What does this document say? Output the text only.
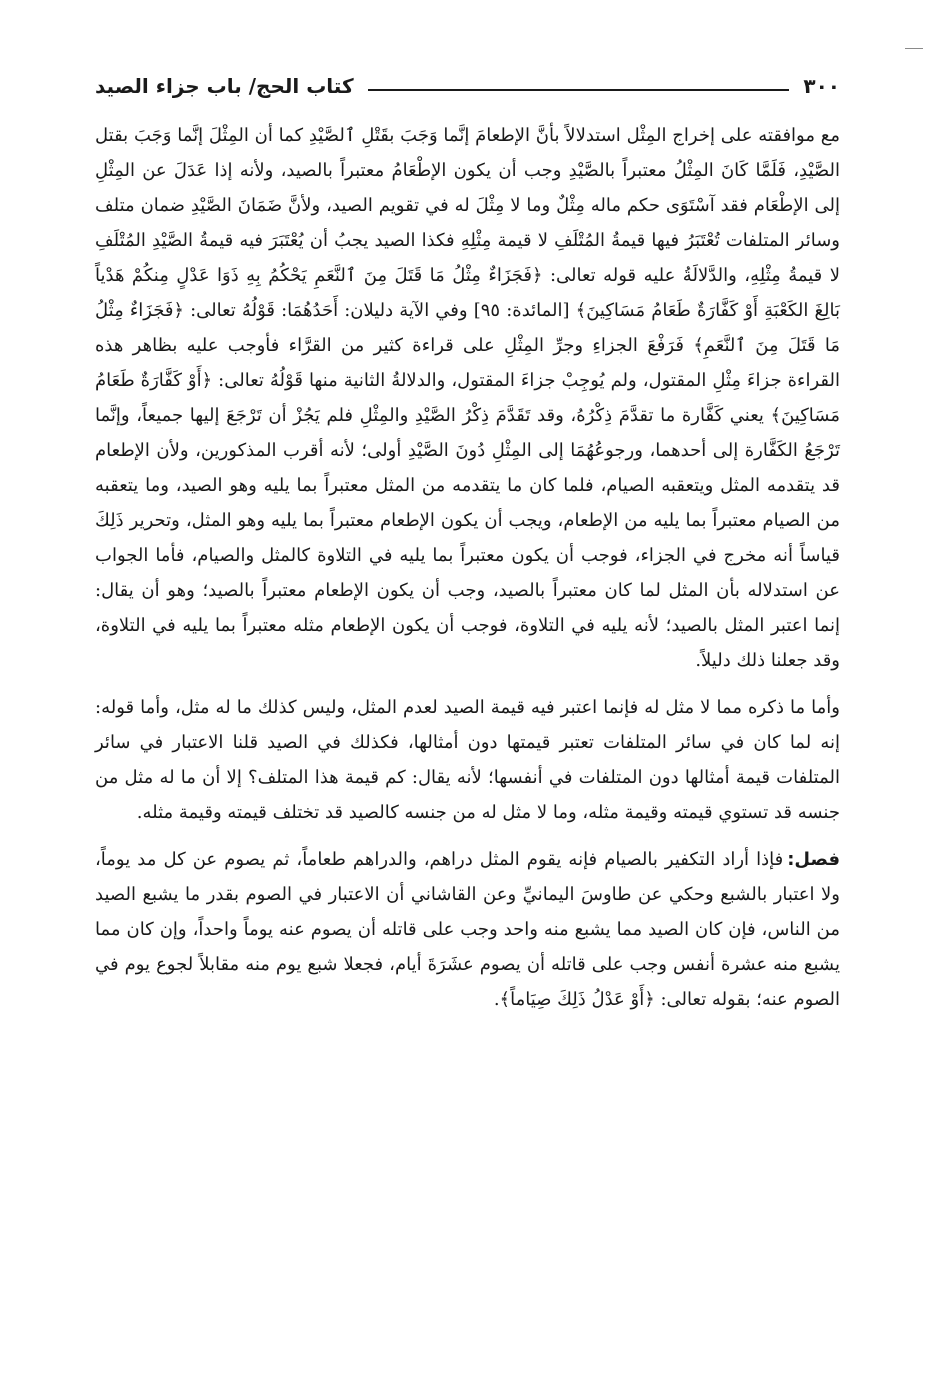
٣٠٠
كتاب الحج/ باب جزاء الصيد

مع موافقته على إخراج المِثْل استدلالاً بأنَّ الإطعامَ إنَّما وَجَبَ بقَتْلِ ٱلصَّيْدِ كما أن المِثْلَ إنَّما وَجَبَ بقتل الصَّيْدِ، فَلَمَّا كَانَ المِثْلُ معتبراً بالصَّيْدِ وجب أن يكون الإطْعَامُ معتبراً بالصيد، ولأنه إذا عَدَلَ عن المِثْلِ إلى الإطْعَام فقد آسْتَوَى حكم ماله مِثْلٌ وما لا مِثْلَ له في تقويم الصيد، ولأنَّ ضَمَانَ الصَّيْدِ ضمان متلف وسائر المتلفات تُعْتَبَرُ فيها قيمةُ المُتْلَفِ لا قيمة مِثْلِهِ فكذا الصيد يجبُ أن يُعْتَبَرَ فيه قيمةُ الصَّيْدِ المُتْلَفِ لا قيمةُ مِثْلِهِ، والدَّلالَةُ عليه قوله تعالى: ﴿فَجَزَاءٌ مِثْلُ مَا قَتَلَ مِنَ ٱلنَّعَمِ يَحْكُمُ بِهِ ذَوَا عَدْلٍ مِنكُمْ هَدْياً بَالِغَ الكَعْبَةِ أَوْ كَفَّارَةٌ طَعَامُ مَسَاكِينَ﴾ [المائدة: ٩٥] وفي الآية دليلان: أَحَدُهُمَا: قَوْلُهُ تعالى: ﴿فَجَزَاءٌ مِثْلُ مَا قَتَلَ مِنَ ٱلنَّعَمِ﴾ فَرَفْعَ الجزاءِ وجرِّ المِثْلِ على قراءة كثير من القرَّاء فأوجب عليه بظاهر هذه القراءة جزاءَ مِثْلِ المقتول، ولم يُوجِبْ جزاءَ المقتول، والدلالةُ الثانية منها قَوْلُهُ تعالى: ﴿أَوْ كَفَّارَةٌ طَعَامُ مَسَاكِينَ﴾ يعني كَفَّارة ما تقدَّمَ ذِكْرُهُ، وقد تَقَدَّمَ ذِكْرُ الصَّيْدِ والمِثْلِ فلم يَجُزْ أن تَرْجَعَ إليها جميعاً، وإنَّما تَرْجَعُ الكَفَّارة إلى أحدهما، ورجوعُهُمَا إلى المِثْلِ دُونَ الصَّيْدِ أولى؛ لأنه أقرب المذكورين، ولأن الإطعام قد يتقدمه المثل ويتعقبه الصيام، فلما كان ما يتقدمه من المثل معتبراً بما يليه وهو الصيد، وما يتعقبه من الصيام معتبراً بما يليه من الإطعام، ويجب أن يكون الإطعام معتبراً بما يليه وهو المثل، وتحرير ذَلِكَ قياساً أنه مخرج في الجزاء، فوجب أن يكون معتبراً بما يليه في التلاوة كالمثل والصيام، فأما الجواب عن استدلاله بأن المثل لما كان معتبراً بالصيد، وجب أن يكون الإطعام معتبراً بالصيد؛ وهو أن يقال: إنما اعتبر المثل بالصيد؛ لأنه يليه في التلاوة، فوجب أن يكون الإطعام مثله معتبراً بما يليه في التلاوة، وقد جعلنا ذلك دليلاً.

وأما ما ذكره مما لا مثل له فإنما اعتبر فيه قيمة الصيد لعدم المثل، وليس كذلك ما له مثل، وأما قوله: إنه لما كان في سائر المتلفات تعتبر قيمتها دون أمثالها، فكذلك في الصيد قلنا الاعتبار في سائر المتلفات قيمة أمثالها دون المتلفات في أنفسها؛ لأنه يقال: كم قيمة هذا المتلف؟ إلا أن ما له مثل من جنسه قد تستوي قيمته وقيمة مثله، وما لا مثل له من جنسه كالصيد قد تختلف قيمته وقيمة مثله.

فصل:فإذا أراد التكفير بالصيام فإنه يقوم المثل دراهم، والدراهم طعاماً، ثم يصوم عن كل مد يوماً، ولا اعتبار بالشبع وحكي عن طاوسَ اليمانيِّ وعن القاشاني أن الاعتبار في الصوم بقدر ما يشبع الصيد من الناس، فإن كان الصيد مما يشبع منه واحد وجب على قاتله أن يصوم عنه يوماً واحداً، وإن كان مما يشبع منه عشرة أنفس وجب على قاتله أن يصوم عشَرَةَ أيام، فجعلا شبع يوم منه مقابلاً لجوع يوم في الصوم عنه؛ بقوله تعالى: ﴿أَوْ عَدْلُ ذَلِكَ صِيَاماً﴾.
